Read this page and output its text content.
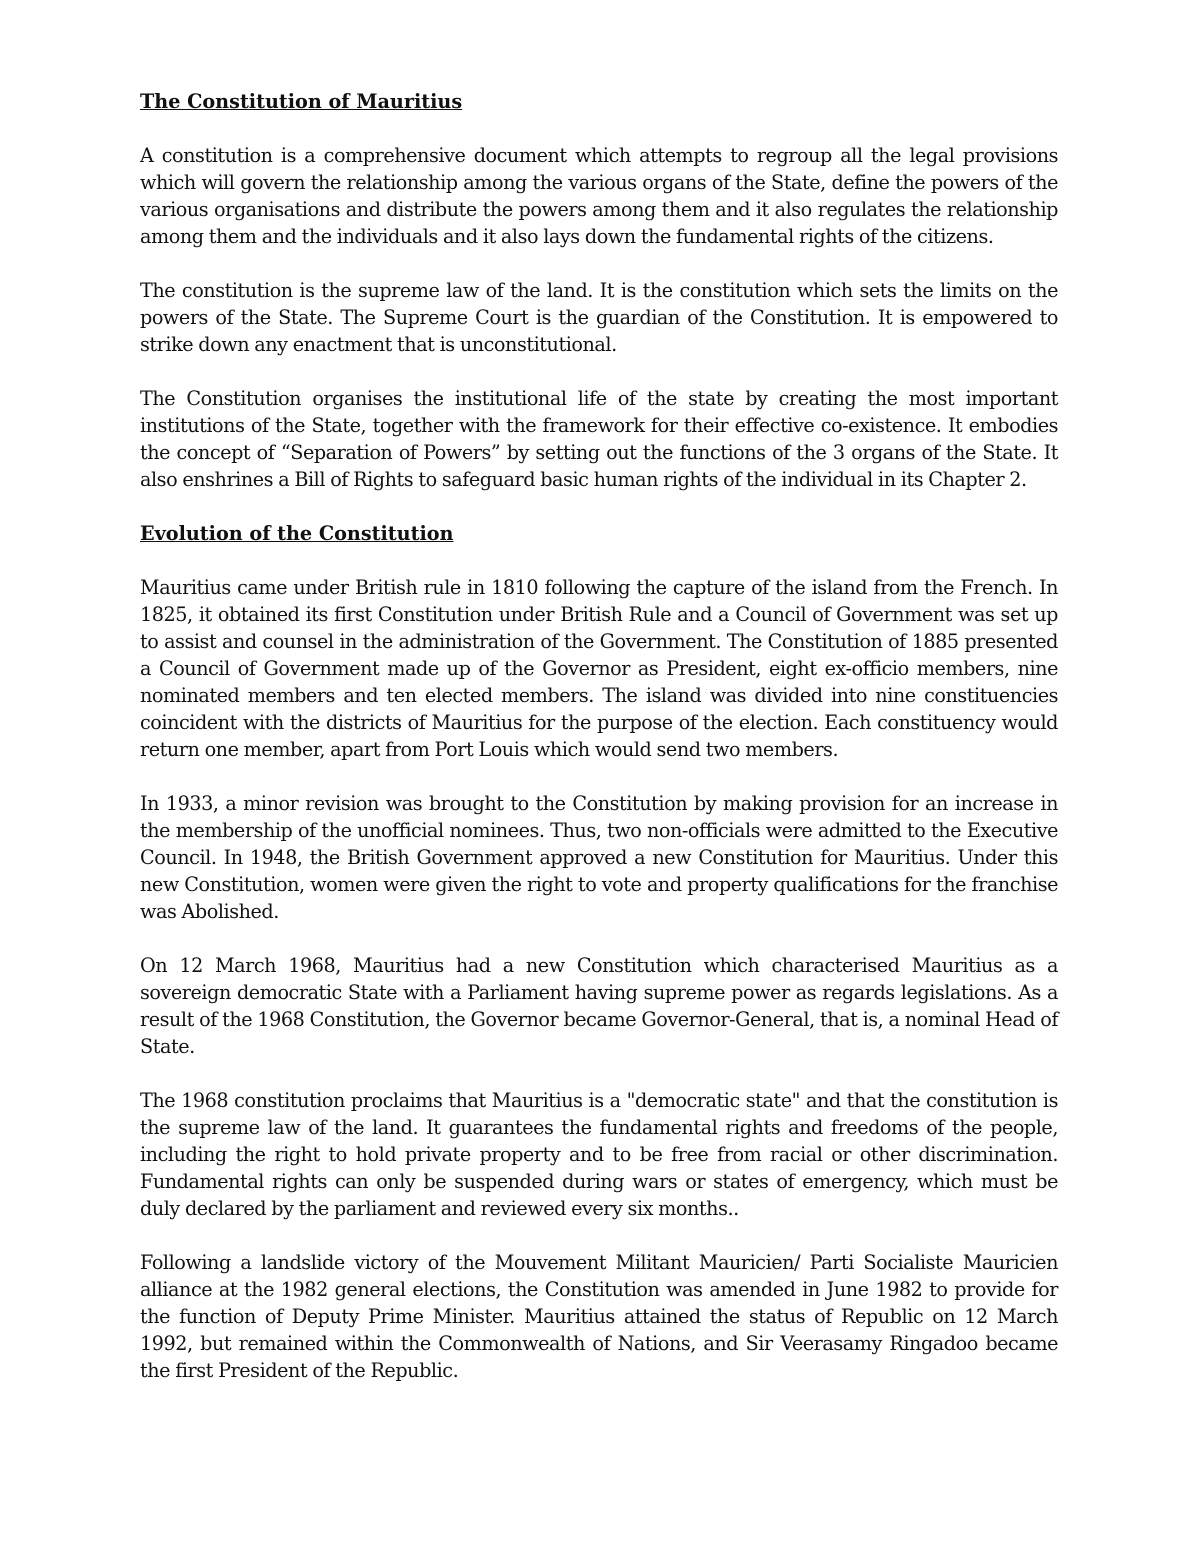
The Constitution of Mauritius

A constitution is a comprehensive document which attempts to regroup all the legal provisions which will govern the relationship among the various organs of the State, define the powers of the various organisations and distribute the powers among them and it also regulates the relationship among them and the individuals and it also lays down the fundamental rights of the citizens.

The constitution is the supreme law of the land. It is the constitution which sets the limits on the powers of the State. The Supreme Court is the guardian of the Constitution. It is empowered to strike down any enactment that is unconstitutional.

The Constitution organises the institutional life of the state by creating the most important institutions of the State, together with the framework for their effective co-existence. It embodies the concept of “Separation of Powers” by setting out the functions of the 3 organs of the State. It also enshrines a Bill of Rights to safeguard basic human rights of the individual in its Chapter 2.

Evolution of the Constitution

Mauritius came under British rule in 1810 following the capture of the island from the French. In 1825, it obtained its first Constitution under British Rule and a Council of Government was set up to assist and counsel in the administration of the Government. The Constitution of 1885 presented a Council of Government made up of the Governor as President, eight ex-officio members, nine nominated members and ten elected members. The island was divided into nine constituencies coincident with the districts of Mauritius for the purpose of the election. Each constituency would return one member, apart from Port Louis which would send two members.

In 1933, a minor revision was brought to the Constitution by making provision for an increase in the membership of the unofficial nominees. Thus, two non-officials were admitted to the Executive Council. In 1948, the British Government approved a new Constitution for Mauritius. Under this new Constitution, women were given the right to vote and property qualifications for the franchise was Abolished.

On 12 March 1968, Mauritius had a new Constitution which characterised Mauritius as a sovereign democratic State with a Parliament having supreme power as regards legislations. As a result of the 1968 Constitution, the Governor became Governor-General, that is, a nominal Head of State.

The 1968 constitution proclaims that Mauritius is a "democratic state" and that the constitution is the supreme law of the land. It guarantees the fundamental rights and freedoms of the people, including the right to hold private property and to be free from racial or other discrimination. Fundamental rights can only be suspended during wars or states of emergency, which must be duly declared by the parliament and reviewed every six months..

Following a landslide victory of the Mouvement Militant Mauricien/ Parti Socialiste Mauricien alliance at the 1982 general elections, the Constitution was amended in June 1982 to provide for the function of Deputy Prime Minister. Mauritius attained the status of Republic on 12 March 1992, but remained within the Commonwealth of Nations, and Sir Veerasamy Ringadoo became the first President of the Republic.
